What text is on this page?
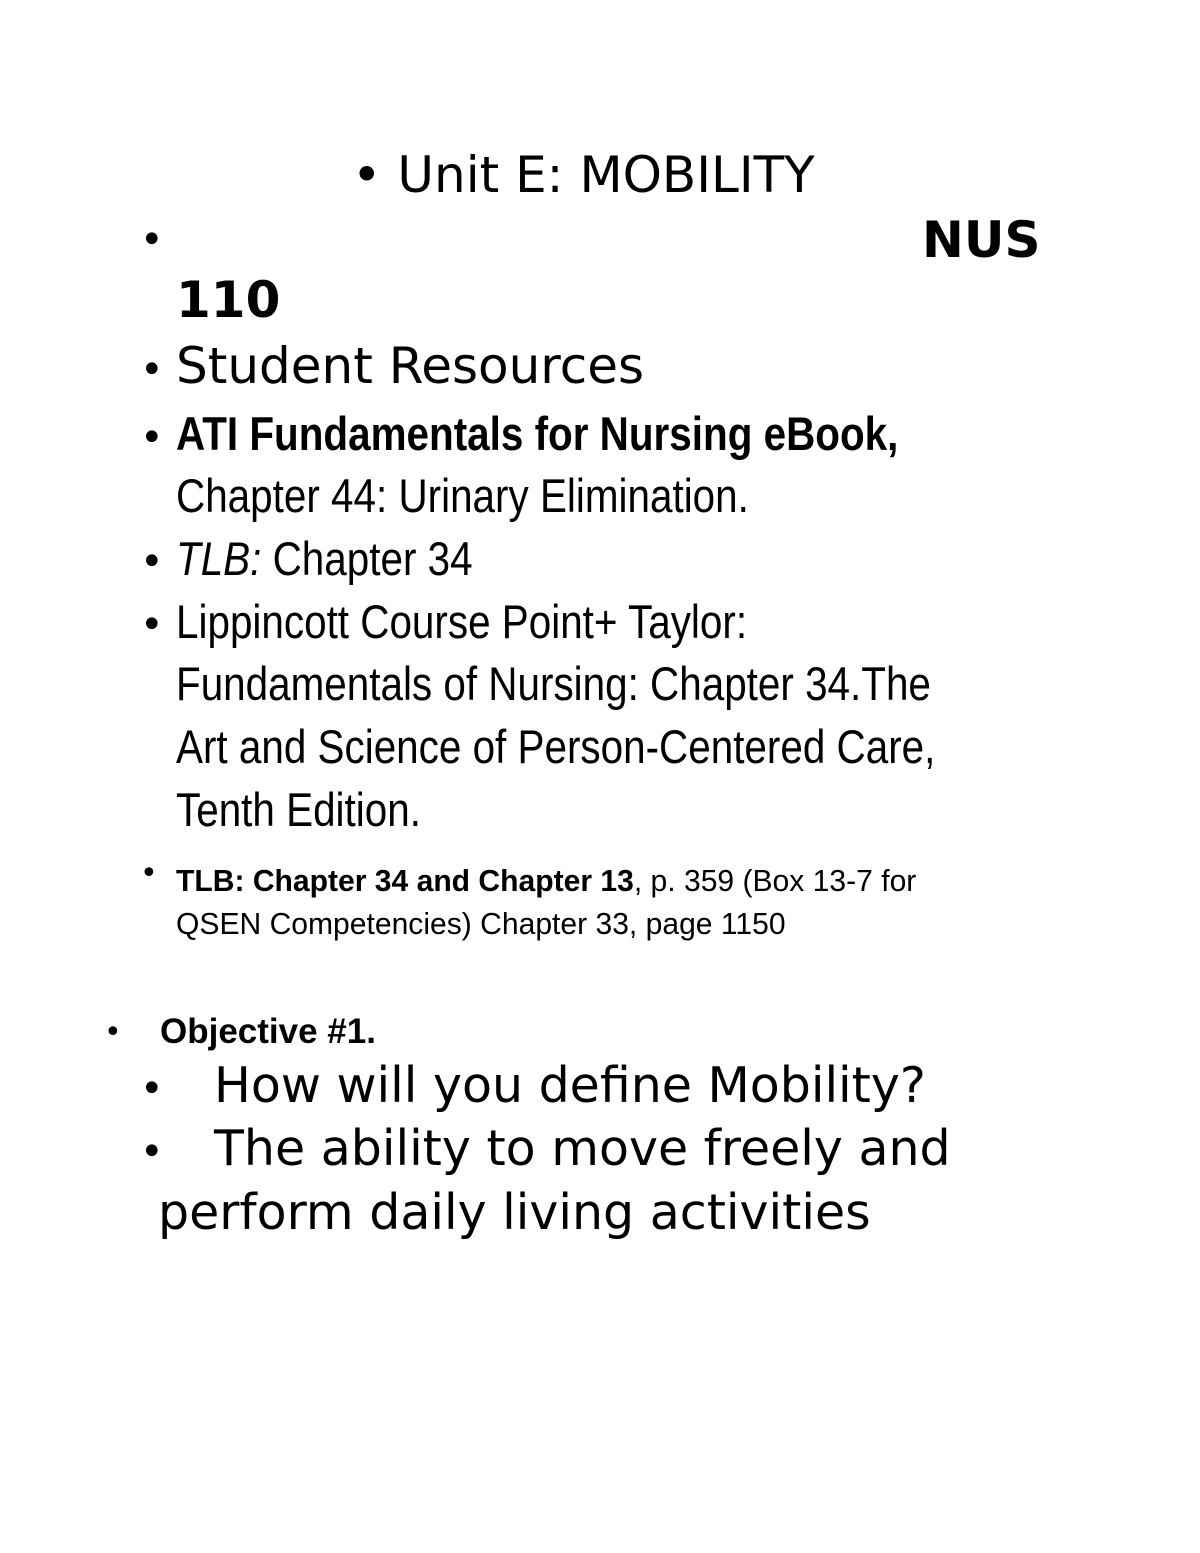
• Unit E: MOBILITY
•	NUS
110
• Student Resources
• ATI Fundamentals for Nursing eBook,
Chapter 44: Urinary Elimination.
• TLB: Chapter 34
• Lippincott Course Point+ Taylor:
Fundamentals of Nursing: Chapter 34.The
Art and Science of Person-Centered Care,
Tenth Edition.
• TLB: Chapter 34 and Chapter 13, p. 359 (Box 13-7 for
QSEN Competencies) Chapter 33, page 1150
• Objective #1.
• How will you define Mobility?
• The ability to move freely and
perform daily living activities
